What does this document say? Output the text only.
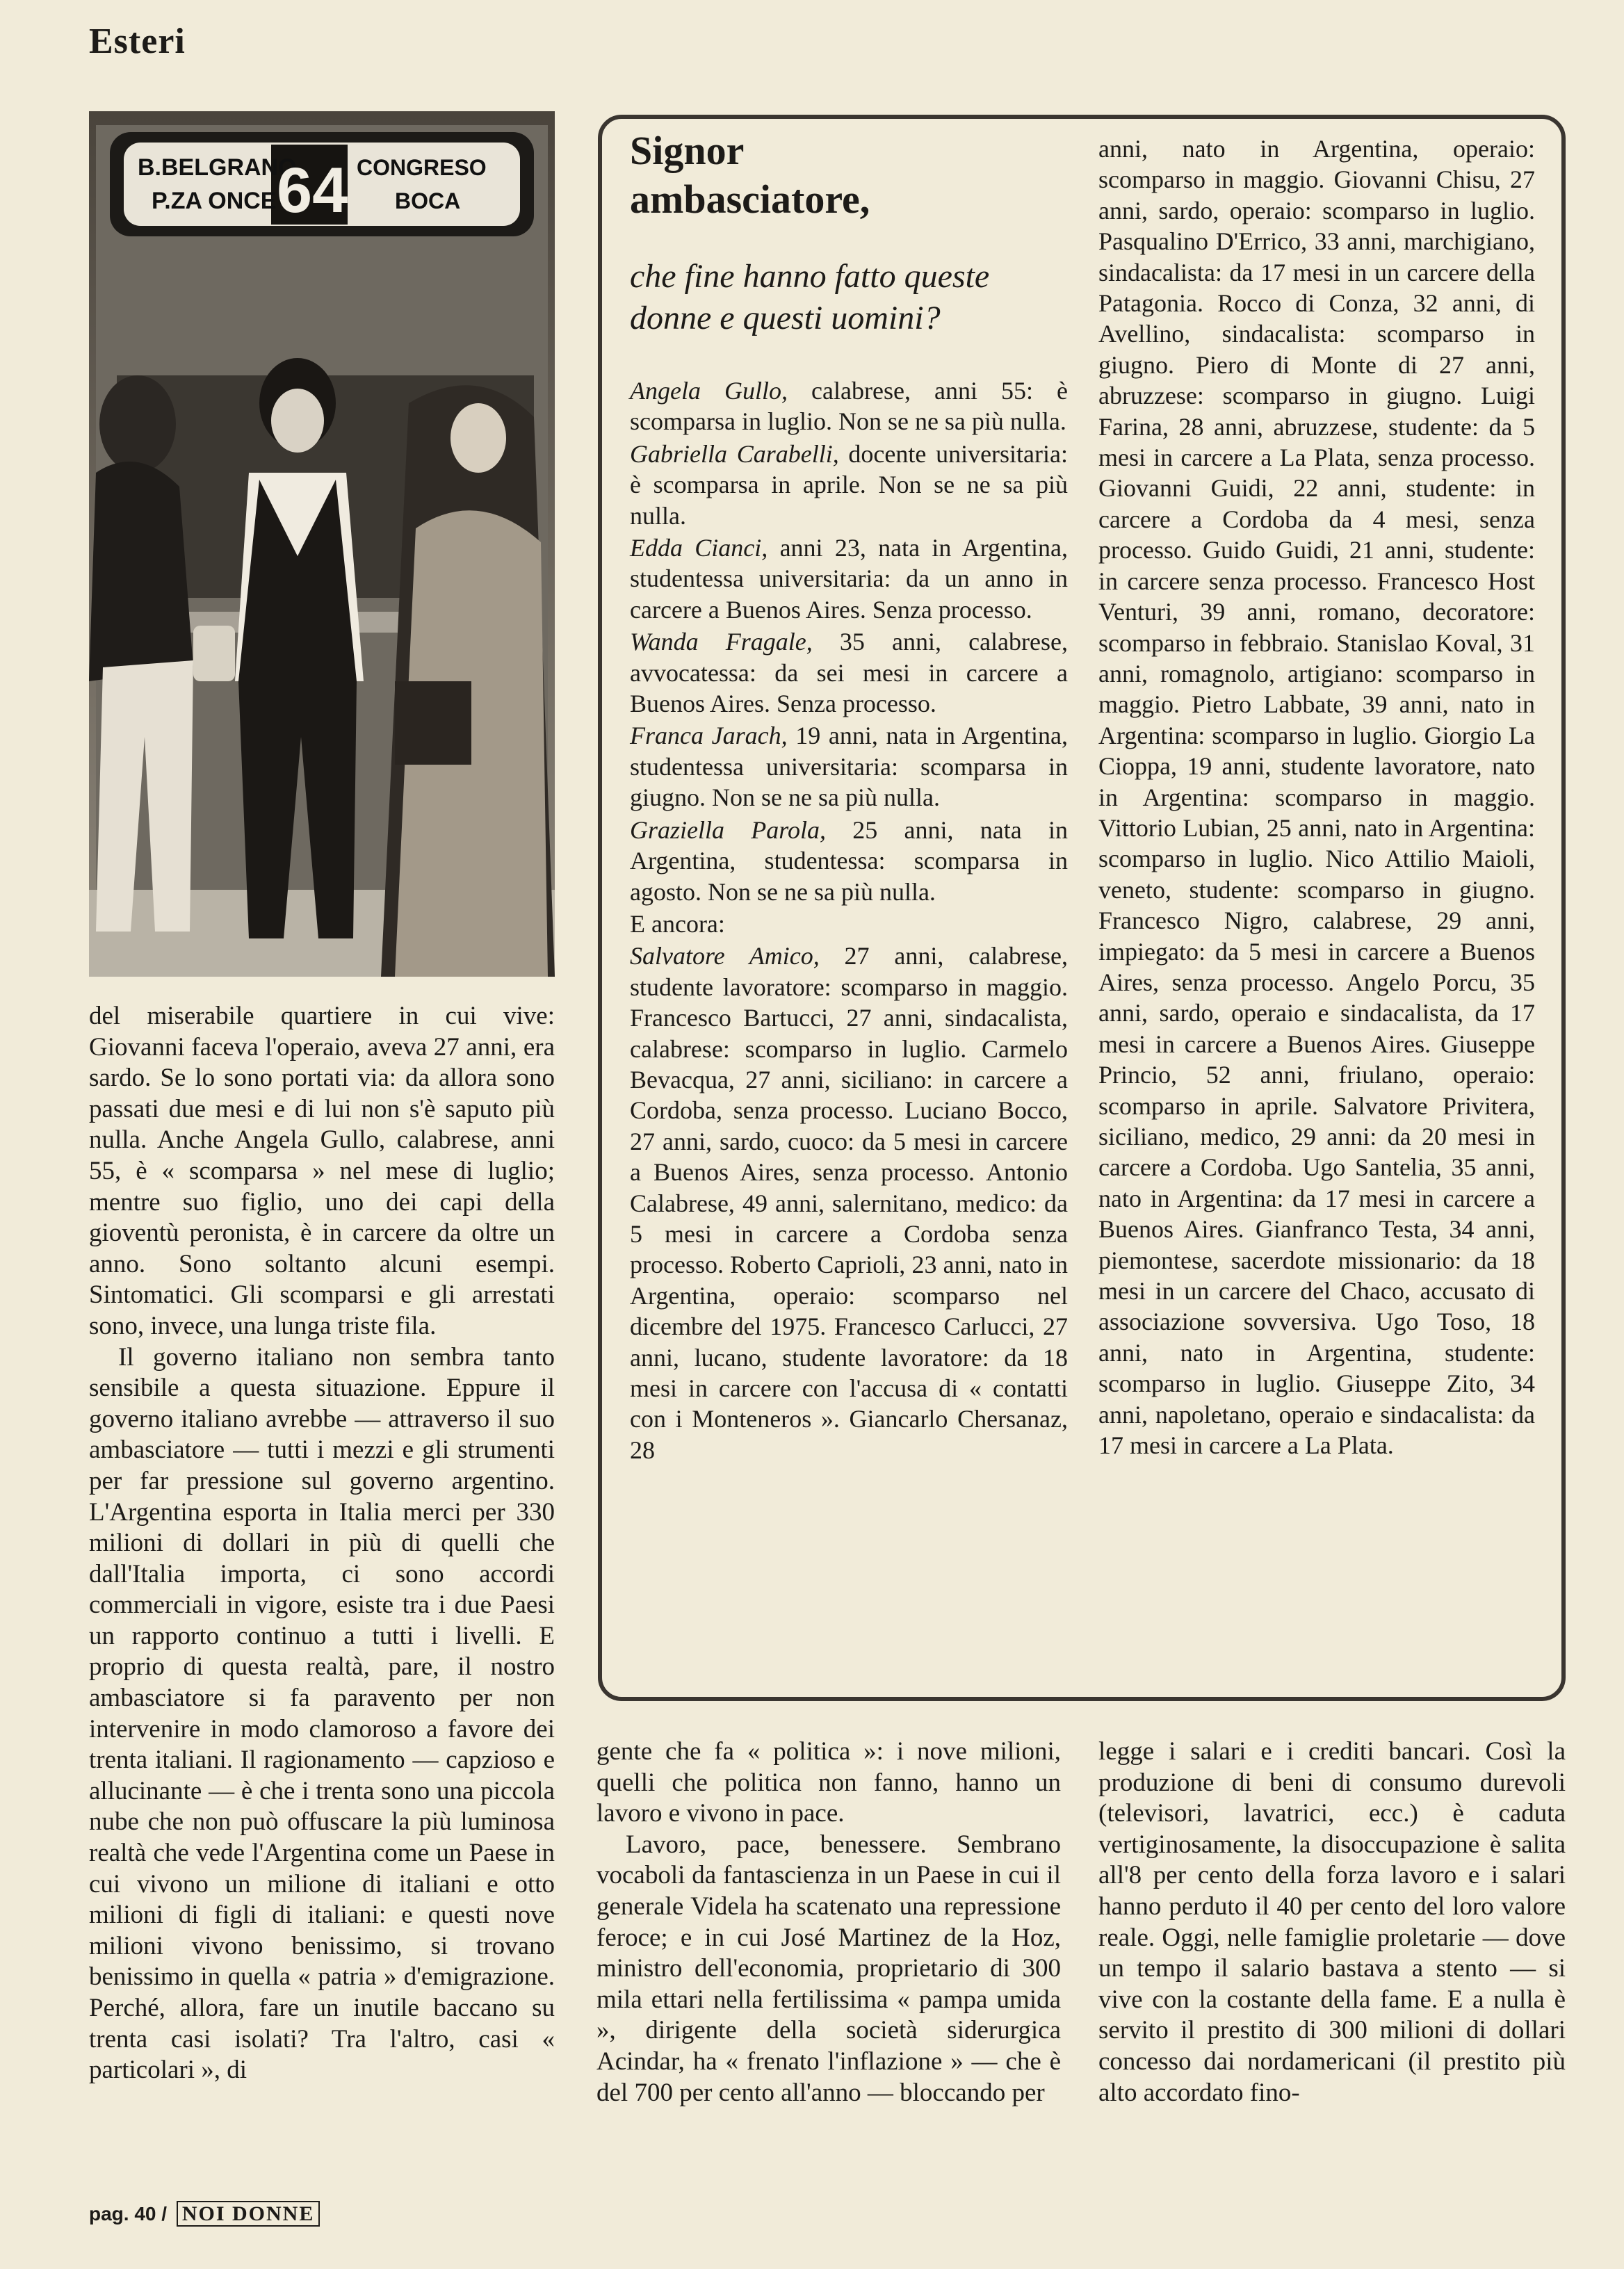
Esteri
B.BELGRANO
P.ZA ONCE 64 CONGRESO
BOCA

del miserabile quartiere in cui vive: Giovanni faceva l'operaio, aveva 27 anni, era sardo. Se lo sono portati via: da allora sono passati due mesi e di lui non s'è saputo più nulla. Anche Angela Gullo, calabrese, anni 55, è « scomparsa » nel mese di luglio; mentre suo figlio, uno dei capi della gioventù peronista, è in carcere da oltre un anno. Sono soltanto alcuni esempi. Sintomatici. Gli scomparsi e gli arrestati sono, invece, una lunga triste fila.

Il governo italiano non sembra tanto sensibile a questa situazione. Eppure il governo italiano avrebbe — attraverso il suo ambasciatore — tutti i mezzi e gli strumenti per far pressione sul governo argentino. L'Argentina esporta in Italia merci per 330 milioni di dollari in più di quelli che dall'Italia importa, ci sono accordi commerciali in vigore, esiste tra i due Paesi un rapporto continuo a tutti i livelli. E proprio di questa realtà, pare, il nostro ambasciatore si fa paravento per non intervenire in modo clamoroso a favore dei trenta italiani. Il ragionamento — capzioso e allucinante — è che i trenta sono una piccola nube che non può offuscare la più luminosa realtà che vede l'Argentina come un Paese in cui vivono un milione di italiani e otto milioni di figli di italiani: e questi nove milioni vivono benissimo, si trovano benissimo in quella « patria » d'emigrazione. Perché, allora, fare un inutile baccano su trenta casi isolati? Tra l'altro, casi « particolari », di

Signor
ambasciatore,
che fine hanno fatto queste donne e questi uomini?

Angela Gullo, calabrese, anni 55: è scomparsa in luglio. Non se ne sa più nulla.

Gabriella Carabelli, docente universitaria: è scomparsa in aprile. Non se ne sa più nulla.

Edda Cianci, anni 23, nata in Argentina, studentessa universitaria: da un anno in carcere a Buenos Aires. Senza processo.

Wanda Fragale, 35 anni, calabrese, avvocatessa: da sei mesi in carcere a Buenos Aires. Senza processo.

Franca Jarach, 19 anni, nata in Argentina, studentessa universitaria: scomparsa in giugno. Non se ne sa più nulla.

Graziella Parola, 25 anni, nata in Argentina, studentessa: scomparsa in agosto. Non se ne sa più nulla.

E ancora:

Salvatore Amico, 27 anni, calabrese, studente lavoratore: scomparso in maggio. Francesco Bartucci, 27 anni, sindacalista, calabrese: scomparso in luglio. Carmelo Bevacqua, 27 anni, siciliano: in carcere a Cordoba, senza processo. Luciano Bocco, 27 anni, sardo, cuoco: da 5 mesi in carcere a Buenos Aires, senza processo. Antonio Calabrese, 49 anni, salernitano, medico: da 5 mesi in carcere a Cordoba senza processo. Roberto Caprioli, 23 anni, nato in Argentina, operaio: scomparso nel dicembre del 1975. Francesco Carlucci, 27 anni, lucano, studente lavoratore: da 18 mesi in carcere con l'accusa di « contatti con i Monteneros ». Giancarlo Chersanaz, 28

anni, nato in Argentina, operaio: scomparso in maggio. Giovanni Chisu, 27 anni, sardo, operaio: scomparso in luglio. Pasqualino D'Errico, 33 anni, marchigiano, sindacalista: da 17 mesi in un carcere della Patagonia. Rocco di Conza, 32 anni, di Avellino, sindacalista: scomparso in giugno. Piero di Monte di 27 anni, abruzzese: scomparso in giugno. Luigi Farina, 28 anni, abruzzese, studente: da 5 mesi in carcere a La Plata, senza processo. Giovanni Guidi, 22 anni, studente: in carcere a Cordoba da 4 mesi, senza processo. Guido Guidi, 21 anni, studente: in carcere senza processo. Francesco Host Venturi, 39 anni, romano, decoratore: scomparso in febbraio. Stanislao Koval, 31 anni, romagnolo, artigiano: scomparso in maggio. Pietro Labbate, 39 anni, nato in Argentina: scomparso in luglio. Giorgio La Cioppa, 19 anni, studente lavoratore, nato in Argentina: scomparso in maggio. Vittorio Lubian, 25 anni, nato in Argentina: scomparso in luglio. Nico Attilio Maioli, veneto, studente: scomparso in giugno. Francesco Nigro, calabrese, 29 anni, impiegato: da 5 mesi in carcere a Buenos Aires, senza processo. Angelo Porcu, 35 anni, sardo, operaio e sindacalista, da 17 mesi in carcere a Buenos Aires. Giuseppe Princio, 52 anni, friulano, operaio: scomparso in aprile. Salvatore Privitera, siciliano, medico, 29 anni: da 20 mesi in carcere a Cordoba. Ugo Santelia, 35 anni, nato in Argentina: da 17 mesi in carcere a Buenos Aires. Gianfranco Testa, 34 anni, piemontese, sacerdote missionario: da 18 mesi in un carcere del Chaco, accusato di associazione sovversiva. Ugo Toso, 18 anni, nato in Argentina, studente: scomparso in luglio. Giuseppe Zito, 34 anni, napoletano, operaio e sindacalista: da 17 mesi in carcere a La Plata.

gente che fa « politica »: i nove milioni, quelli che politica non fanno, hanno un lavoro e vivono in pace.

Lavoro, pace, benessere. Sembrano vocaboli da fantascienza in un Paese in cui il generale Videla ha scatenato una repressione feroce; e in cui José Martinez de la Hoz, ministro dell'economia, proprietario di 300 mila ettari nella fertilissima « pampa umida », dirigente della società siderurgica Acindar, ha « frenato l'inflazione » — che è del 700 per cento all'anno — bloccando per

legge i salari e i crediti bancari. Così la produzione di beni di consumo durevoli (televisori, lavatrici, ecc.) è caduta vertiginosamente, la disoccupazione è salita all'8 per cento della forza lavoro e i salari hanno perduto il 40 per cento del loro valore reale. Oggi, nelle famiglie proletarie — dove un tempo il salario bastava a stento — si vive con la costante della fame. E a nulla è servito il prestito di 300 milioni di dollari concesso dai nordamericani (il prestito più alto accordato fino-

pag. 40 / NOI DONNE
